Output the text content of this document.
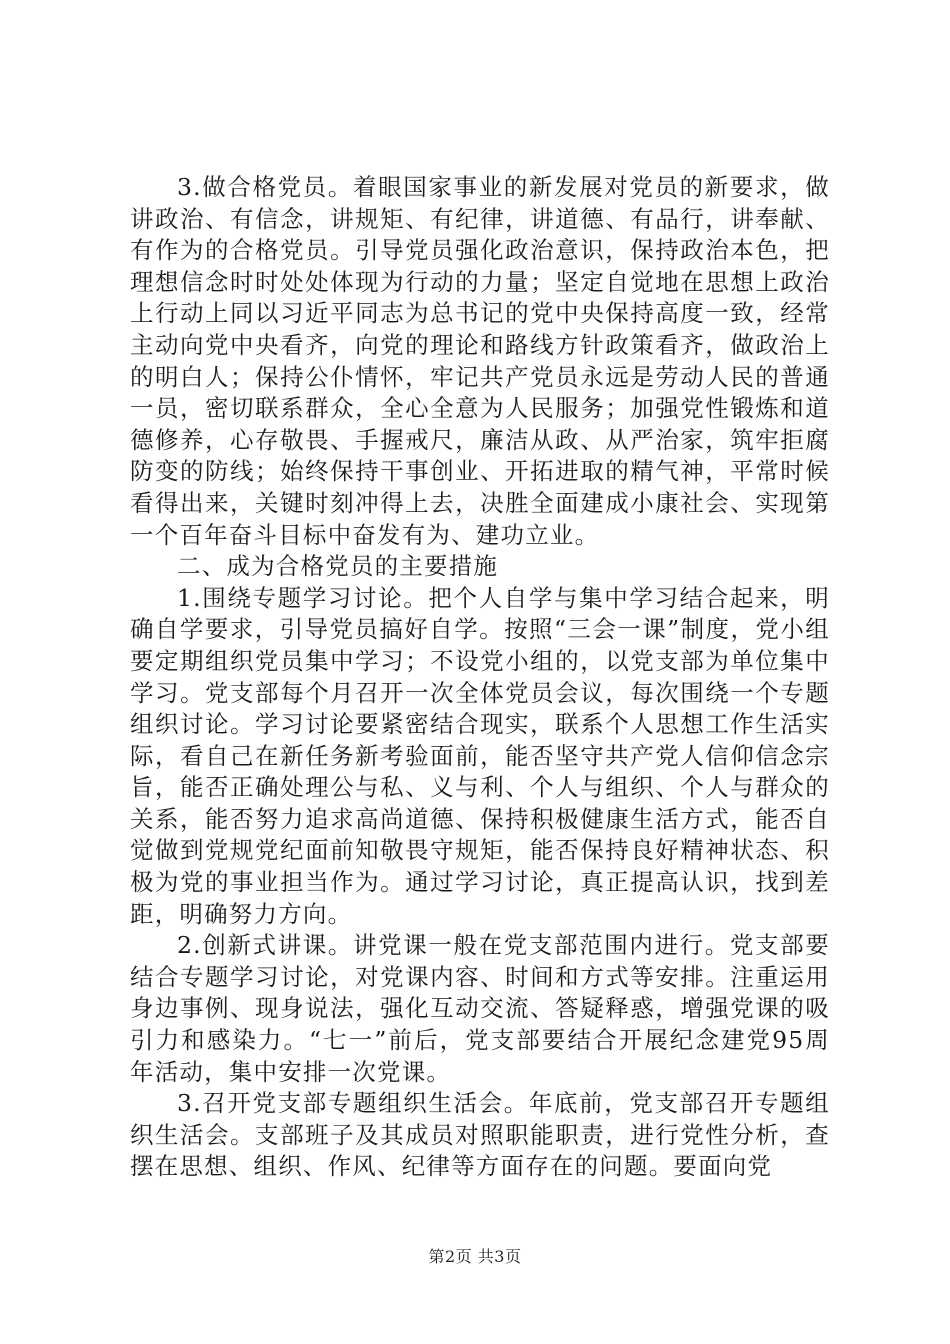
3.做合格党员。着眼国家事业的新发展对党员的新要求，做讲政治、有信念，讲规矩、有纪律，讲道德、有品行，讲奉献、有作为的合格党员。引导党员强化政治意识，保持政治本色，把理想信念时时处处体现为行动的力量；坚定自觉地在思想上政治上行动上同以习近平同志为总书记的党中央保持高度一致，经常主动向党中央看齐，向党的理论和路线方针政策看齐，做政治上的明白人；保持公仆情怀，牢记共产党员永远是劳动人民的普通一员，密切联系群众，全心全意为人民服务；加强党性锻炼和道德修养，心存敬畏、手握戒尺，廉洁从政、从严治家，筑牢拒腐防变的防线；始终保持干事创业、开拓进取的精气神，平常时候看得出来，关键时刻冲得上去，决胜全面建成小康社会、实现第一个百年奋斗目标中奋发有为、建功立业。

二、成为合格党员的主要措施

1.围绕专题学习讨论。把个人自学与集中学习结合起来，明确自学要求，引导党员搞好自学。按照“三会一课”制度，党小组要定期组织党员集中学习；不设党小组的，以党支部为单位集中学习。党支部每个月召开一次全体党员会议，每次围绕一个专题组织讨论。学习讨论要紧密结合现实，联系个人思想工作生活实际，看自己在新任务新考验面前，能否坚守共产党人信仰信念宗旨，能否正确处理公与私、义与利、个人与组织、个人与群众的关系，能否努力追求高尚道德、保持积极健康生活方式，能否自觉做到党规党纪面前知敬畏守规矩，能否保持良好精神状态、积极为党的事业担当作为。通过学习讨论，真正提高认识，找到差距，明确努力方向。

2.创新式讲课。讲党课一般在党支部范围内进行。党支部要结合专题学习讨论，对党课内容、时间和方式等安排。注重运用身边事例、现身说法，强化互动交流、答疑释惑，增强党课的吸引力和感染力。“七一”前后，党支部要结合开展纪念建党95周年活动，集中安排一次党课。

3.召开党支部专题组织生活会。年底前，党支部召开专题组织生活会。支部班子及其成员对照职能职责，进行党性分析，查摆在思想、组织、作风、纪律等方面存在的问题。要面向党

第2页 共3页
